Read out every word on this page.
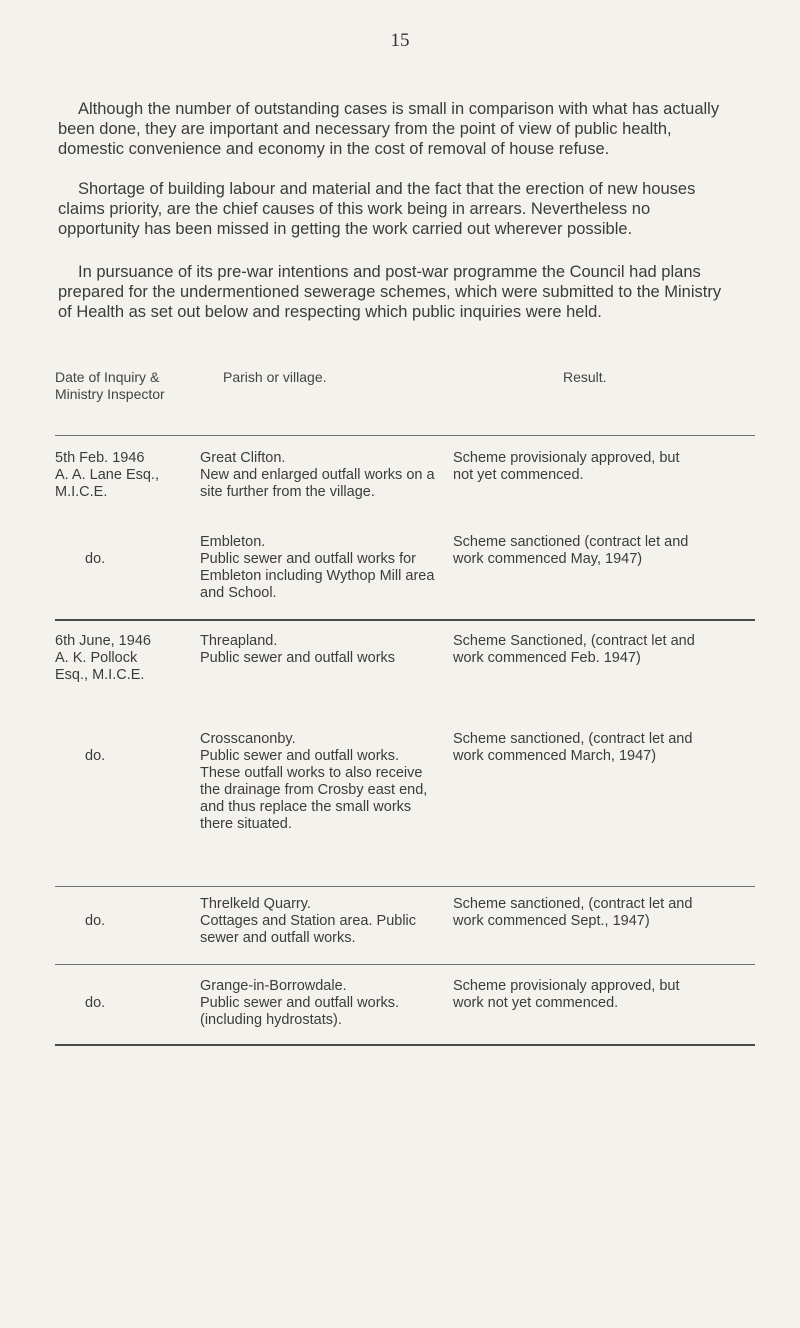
15

Although the number of outstanding cases is small in comparison with what has actually been done, they are important and necessary from the point of view of public health, domestic convenience and economy in the cost of removal of house refuse.

Shortage of building labour and material and the fact that the erection of new houses claims priority, are the chief causes of this work being in arrears. Nevertheless no opportunity has been missed in getting the work carried out wherever possible.

In pursuance of its pre-war intentions and post-war programme the Council had plans prepared for the undermentioned sewerage schemes, which were submitted to the Ministry of Health as set out below and respecting which public inquiries were held.

Date of Inquiry &
Ministry Inspector
Parish or village.	Result.
5th Feb. 1946
A. A. Lane Esq.,
M.I.C.E.
Great Clifton.
New and enlarged outfall works on a site further from the village.
Scheme provisionaly approved, but not yet commenced.
do.
Embleton.
Public sewer and outfall works for Embleton including Wythop Mill area and School.
Scheme sanctioned (contract let and work commenced May, 1947)
6th June, 1946
A. K. Pollock
Esq., M.I.C.E.
Threapland.
Public sewer and outfall works
Scheme Sanctioned, (contract let and work commenced Feb. 1947)
do.
Crosscanonby.
Public sewer and outfall works. These outfall works to also receive the drainage from Crosby east end, and thus replace the small works there situated.
Scheme sanctioned, (contract let and work commenced March, 1947)
do.
Threlkeld Quarry.
Cottages and Station area. Public sewer and outfall works.
Scheme sanctioned, (contract let and work commenced Sept., 1947)
do.
Grange-in-Borrowdale.
Public sewer and outfall works. (including hydrostats).
Scheme provisionaly approved, but work not yet commenced.
